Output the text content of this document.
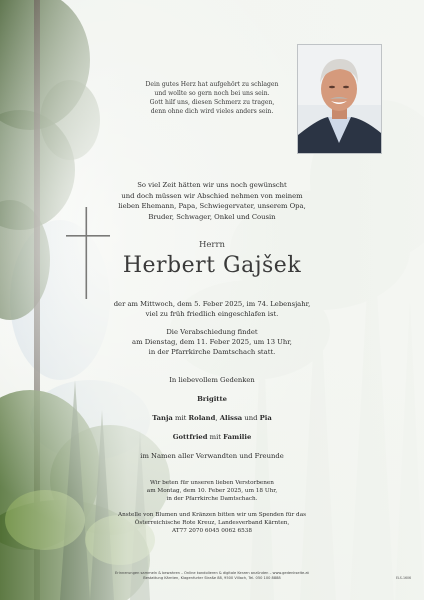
Dein gutes Herz hat aufgehört zu schlagen
und wollte so gern noch bei uns sein.
Gott hilf uns, diesen Schmerz zu tragen,
denn ohne dich wird vieles anders sein.
So viel Zeit hätten wir uns noch gewünscht
und doch müssen wir Abschied nehmen von meinem
lieben Ehemann, Papa, Schwiegervater, unserem Opa,
Bruder, Schwager, Onkel und Cousin
Herrn
Herbert Gajšek
der am Mittwoch, dem 5. Feber 2025, im 74. Lebensjahr,
viel zu früh friedlich eingeschlafen ist.
Die Verabschiedung findet
am Dienstag, dem 11. Feber 2025, um 13 Uhr,
in der Pfarrkirche Damtschach statt.
In liebevollem Gedenken
Brigitte
Tanja mit Roland, Alissa und Pia
Gottfried mit Familie
im Namen aller Verwandten und Freunde
Wir beten für unseren lieben Verstorbenen
am Montag, dem 10. Feber 2025, um 18 Uhr,
in der Pfarrkirche Damtschach.
Anstelle von Blumen und Kränzen bitten wir um Spenden für das
Österreichische Rote Kreuz, Landesverband Kärnten,
AT77 2070 6045 0062 6538
Erinnerungen sammeln & bewahren – Online kondolieren & digitale Kerzen anzünden – www.gedenkseite.at
Bestattung Kärnten, Klagenfurter Straße 88, 9500 Villach, Tel. 050 100 8888	ELS-1606
